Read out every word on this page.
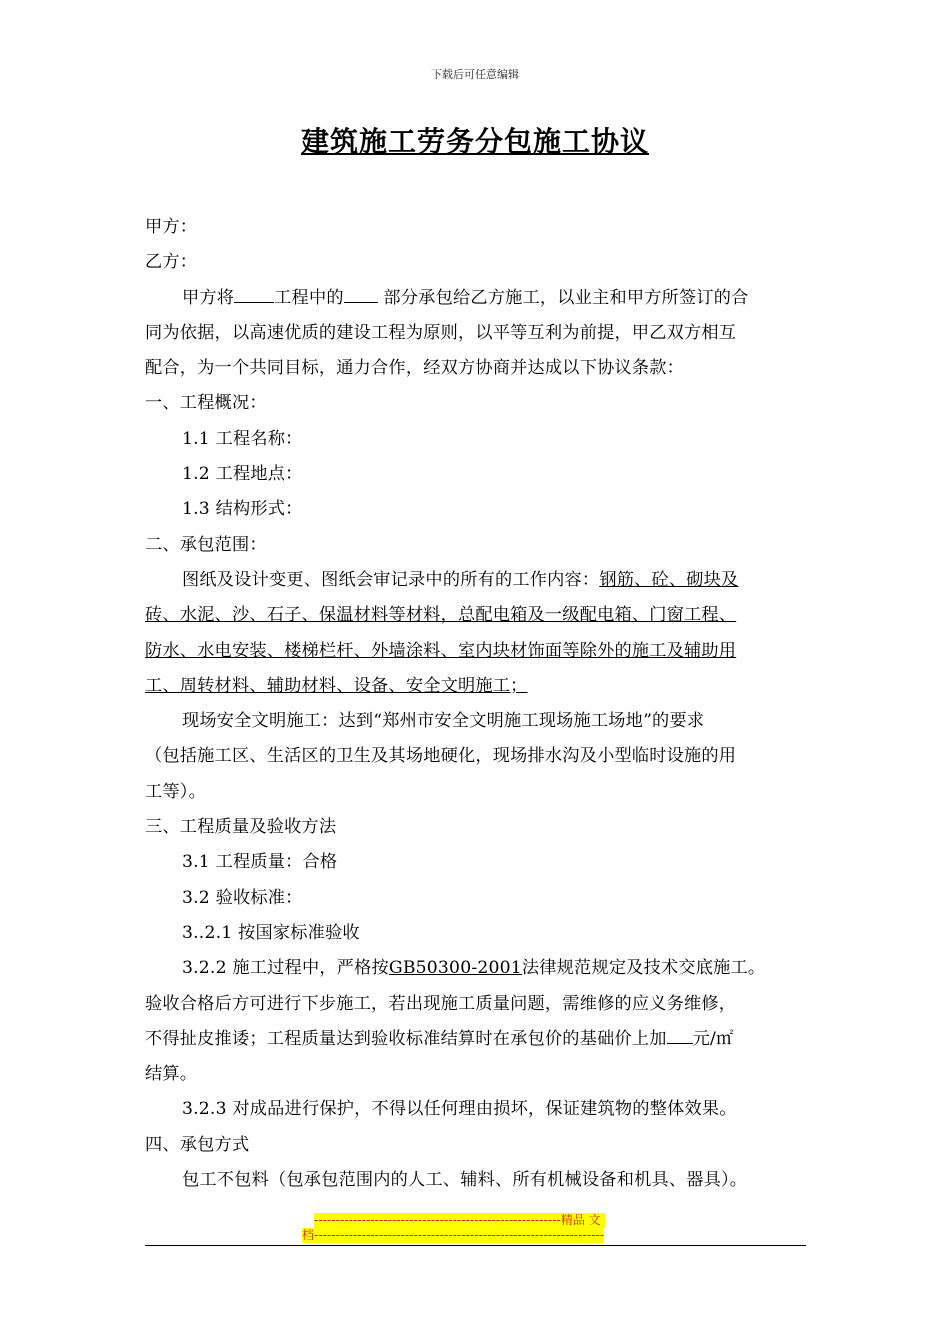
下载后可任意编辑
建筑施工劳务分包施工协议
甲方：
乙方：
甲方将 工程中的 部分承包给乙方施工，以业主和甲方所签订的合
同为依据，以高速优质的建设工程为原则，以平等互利为前提，甲乙双方相互
配合，为一个共同目标，通力合作，经双方协商并达成以下协议条款：
一、工程概况：
1.1 工程名称：
1.2 工程地点：
1.3 结构形式：
二、承包范围：
图纸及设计变更、图纸会审记录中的所有的工作内容：钢筋、砼、砌块及
砖、水泥、沙、石子、保温材料等材料，总配电箱及一级配电箱、门窗工程、
防水、水电安装、楼梯栏杆、外墙涂料、室内块材饰面等除外的施工及辅助用
工、周转材料、辅助材料、设备、安全文明施工；
现场安全文明施工：达到“郑州市安全文明施工现场施工场地”的要求
（包括施工区、生活区的卫生及其场地硬化，现场排水沟及小型临时设施的用
工等）。
三、工程质量及验收方法
3.1 工程质量：合格
3.2 验收标准：
3..2.1 按国家标准验收
3.2.2 施工过程中，严格按GB50300-2001法律规范规定及技术交底施工。
验收合格后方可进行下步施工，若出现施工质量问题，需维修的应义务维修，
不得扯皮推诿；工程质量达到验收标准结算时在承包价的基础价上加 元/㎡
结算。
3.2.3 对成品进行保护，不得以任何理由损坏，保证建筑物的整体效果。
四、承包方式
包工不包料（包承包范围内的人工、辅料、所有机械设备和机具、器具）。
---------------------------------------------------------精品 文
档-------------------------------------------------------------------
